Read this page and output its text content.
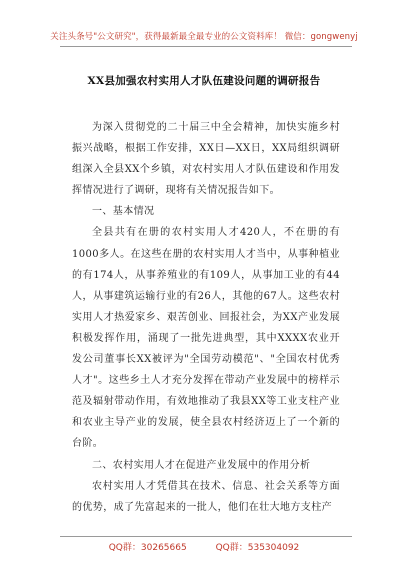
关注头条号"公文研究"，获得最新最全最专业的公文资料库！ 微信：gongwenyj
XX县加强农村实用人才队伍建设问题的调研报告

为深入贯彻党的二十届三中全会精神，加快实施乡村振兴战略，根据工作安排，XX日—XX日，XX局组织调研组深入全县XX个乡镇，对农村实用人才队伍建设和作用发挥情况进行了调研，现将有关情况报告如下。

一、基本情况

全县共有在册的农村实用人才420人，不在册的有1000多人。在这些在册的农村实用人才当中，从事种植业的有174人，从事养殖业的有109人，从事加工业的有44人，从事建筑运输行业的有26人，其他的67人。这些农村实用人才热爱家乡、艰苦创业、回报社会，为XX产业发展积极发挥作用，涌现了一批先进典型，其中XXXX农业开发公司董事长XX被评为"全国劳动模范"、"全国农村优秀人才"。这些乡土人才充分发挥在带动产业发展中的榜样示范及辐射带动作用，有效地推动了我县XX等工业支柱产业和农业主导产业的发展，使全县农村经济迈上了一个新的台阶。

二、农村实用人才在促进产业发展中的作用分析

农村实用人才凭借其在技术、信息、社会关系等方面的优势，成了先富起来的一批人，他们在壮大地方支柱产

QQ群：30265665	QQ群：535304092
